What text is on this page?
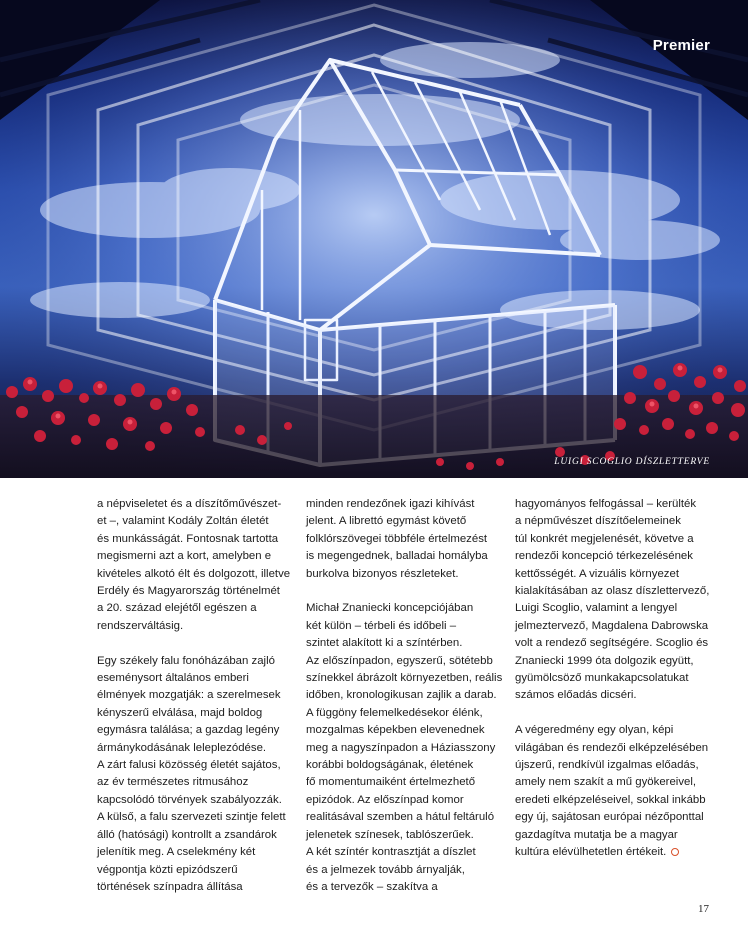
Premier
LUIGI SCOGLIO DÍSZLETTERVE
a népviseletet és a díszítőművészet-
et –, valamint Kodály Zoltán életét
és munkásságát. Fontosnak tartotta
megismerni azt a kort, amelyben e
kivételes alkotó élt és dolgozott, illetve
Erdély és Magyarország történelmét
a 20. század elejétől egészen a
rendszerváltásig.
Egy székely falu fonóházában zajló
eseménysort általános emberi
élmények mozgatják: a szerelmesek
kényszerű elválása, majd boldog
egymásra találása; a gazdag legény
ármánykodásának leleplezódése.
A zárt falusi közösség életét sajátos,
az év természetes ritmusához
kapcsolódó törvények szabályozzák.
A külső, a falu szervezeti szintje felett
álló (hatósági) kontrollt a zsandárok
jelenítik meg. A cselekmény két
végpontja közti epizódszerű
történések színpadra állítása
minden rendezőnek igazi kihívást
jelent. A librettó egymást követő
folklórszövegei többféle értelmezést
is megengednek, balladai homályba
burkolva bizonyos részleteket.
Michał Znaniecki koncepciójában
két külön – térbeli és időbeli –
szintet alakított ki a színtérben.
Az előszínpadon, egyszerű, sötétebb
színekkel ábrázolt környezetben, reális
időben, kronologikusan zajlik a darab.
A függöny felemelkedésekor élénk,
mozgalmas képekben elevenednek
meg a nagyszínpadon a Háziasszony
korábbi boldogságának, életének
fő momentumaiként értelmezhető
epizódok. Az előszínpad komor
realitásával szemben a hátul feltáruló
jelenetek színesek, tablószerűek.
A két színtér kontrasztját a díszlet
és a jelmezek tovább árnyalják,
és a tervezők – szakítva a
hagyományos felfogással – kerülték
a népművészet díszítőelemeinek
túl konkrét megjelenését, követve a
rendezői koncepció térkezelésének
kettősségét. A vizuális környezet
kialakításában az olasz díszlettervező,
Luigi Scoglio, valamint a lengyel
jelmeztervező, Magdalena Dabrowska
volt a rendező segítségére. Scoglio és
Znaniecki 1999 óta dolgozik együtt,
gyümölcsöző munkakapcsolatukat
számos előadás dicséri.
A végeredmény egy olyan, képi
világában és rendezői elképzelésében
újszerű, rendkívül izgalmas előadás,
amely nem szakít a mű gyökereivel,
eredeti elképzeléseivel, sokkal inkább
egy új, sajátosan európai nézőponttal
gazdagítva mutatja be a magyar
kultúra elévülhetetlen értékeit.
17
